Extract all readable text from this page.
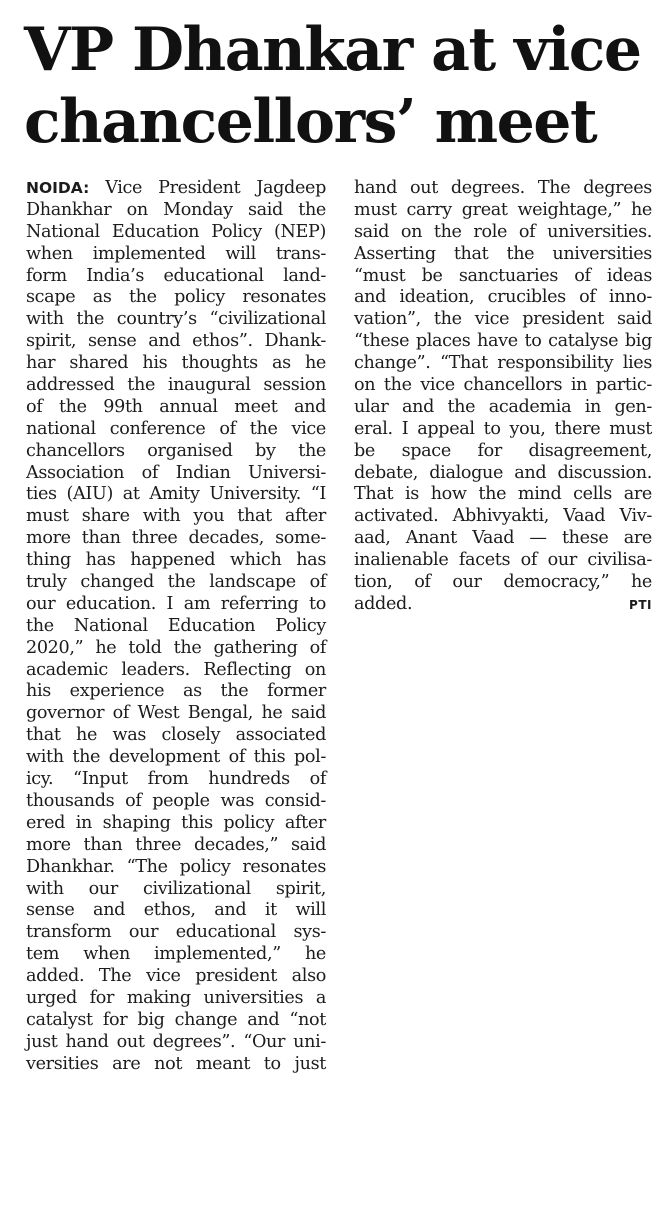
VP Dhankar at vice
chancellors’ meet
NOIDA: Vice President Jagdeep
Dhankhar on Monday said the
National Education Policy (NEP)
when implemented will trans-
form India’s educational land-
scape as the policy resonates
with the country’s “civilizational
spirit, sense and ethos”. Dhank-
har shared his thoughts as he
addressed the inaugural session
of the 99th annual meet and
national conference of the vice
chancellors organised by the
Association of Indian Universi-
ties (AIU) at Amity University. “I
must share with you that after
more than three decades, some-
thing has happened which has
truly changed the landscape of
our education. I am referring to
the National Education Policy
2020,” he told the gathering of
academic leaders. Reflecting on
his experience as the former
governor of West Bengal, he said
that he was closely associated
with the development of this pol-
icy. “Input from hundreds of
thousands of people was consid-
ered in shaping this policy after
more than three decades,” said
Dhankhar. “The policy resonates
with our civilizational spirit,
sense and ethos, and it will
transform our educational sys-
tem when implemented,” he
added. The vice president also
urged for making universities a
catalyst for big change and “not
just hand out degrees”. “Our uni-
versities are not meant to just
hand out degrees. The degrees
must carry great weightage,” he
said on the role of universities.
Asserting that the universities
“must be sanctuaries of ideas
and ideation, crucibles of inno-
vation”, the vice president said
“these places have to catalyse big
change”. “That responsibility lies
on the vice chancellors in partic-
ular and the academia in gen-
eral. I appeal to you, there must
be space for disagreement,
debate, dialogue and discussion.
That is how the mind cells are
activated. Abhivyakti, Vaad Viv-
aad, Anant Vaad — these are
inalienable facets of our civilisa-
tion, of our democracy,” he
added.	PTI
